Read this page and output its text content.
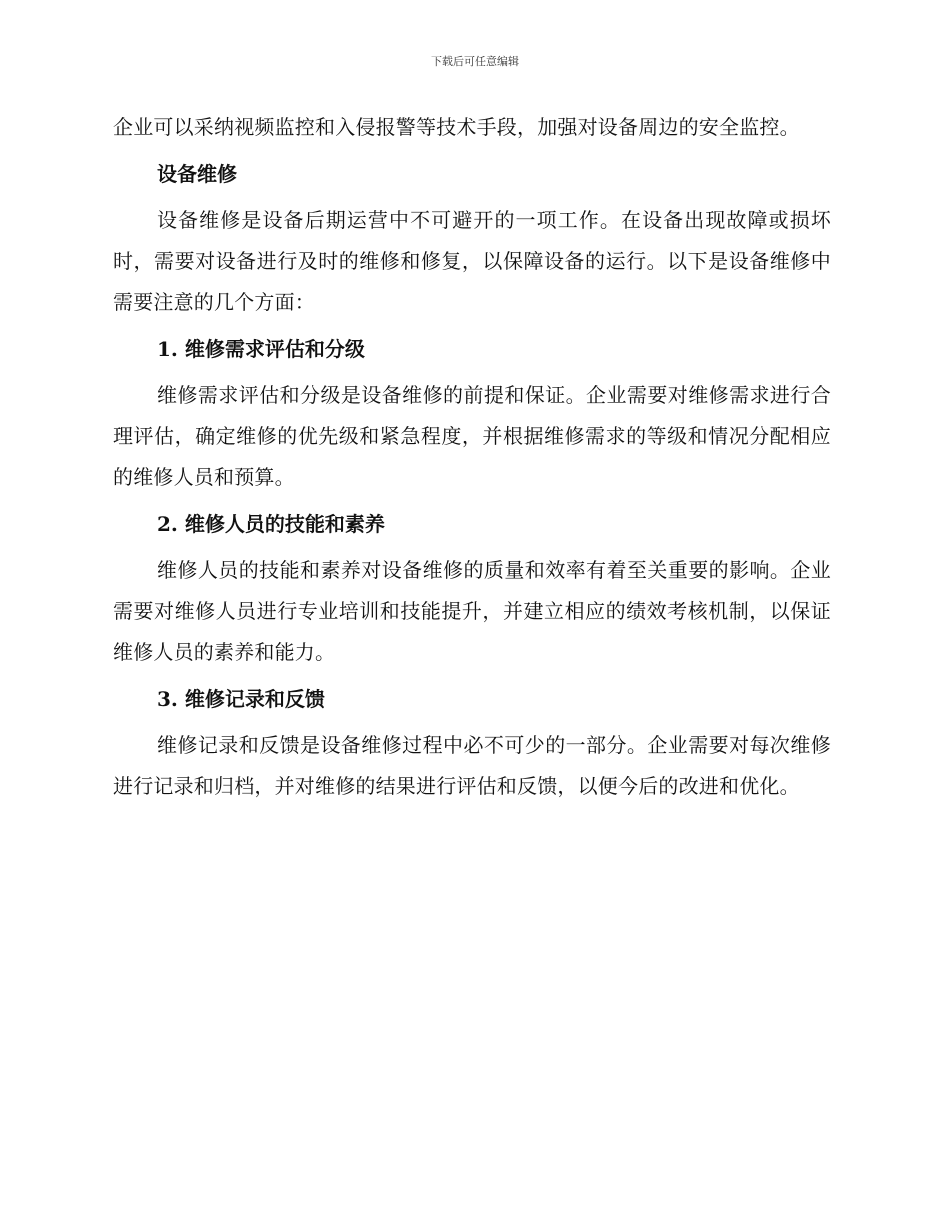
下载后可任意编辑

企业可以采纳视频监控和入侵报警等技术手段，加强对设备周边的安全监控。

设备维修

设备维修是设备后期运营中不可避开的一项工作。在设备出现故障或损坏时，需要对设备进行及时的维修和修复，以保障设备的运行。以下是设备维修中需要注意的几个方面：

1. 维修需求评估和分级

维修需求评估和分级是设备维修的前提和保证。企业需要对维修需求进行合理评估，确定维修的优先级和紧急程度，并根据维修需求的等级和情况分配相应的维修人员和预算。

2. 维修人员的技能和素养

维修人员的技能和素养对设备维修的质量和效率有着至关重要的影响。企业需要对维修人员进行专业培训和技能提升，并建立相应的绩效考核机制，以保证维修人员的素养和能力。

3. 维修记录和反馈

维修记录和反馈是设备维修过程中必不可少的一部分。企业需要对每次维修进行记录和归档，并对维修的结果进行评估和反馈，以便今后的改进和优化。
